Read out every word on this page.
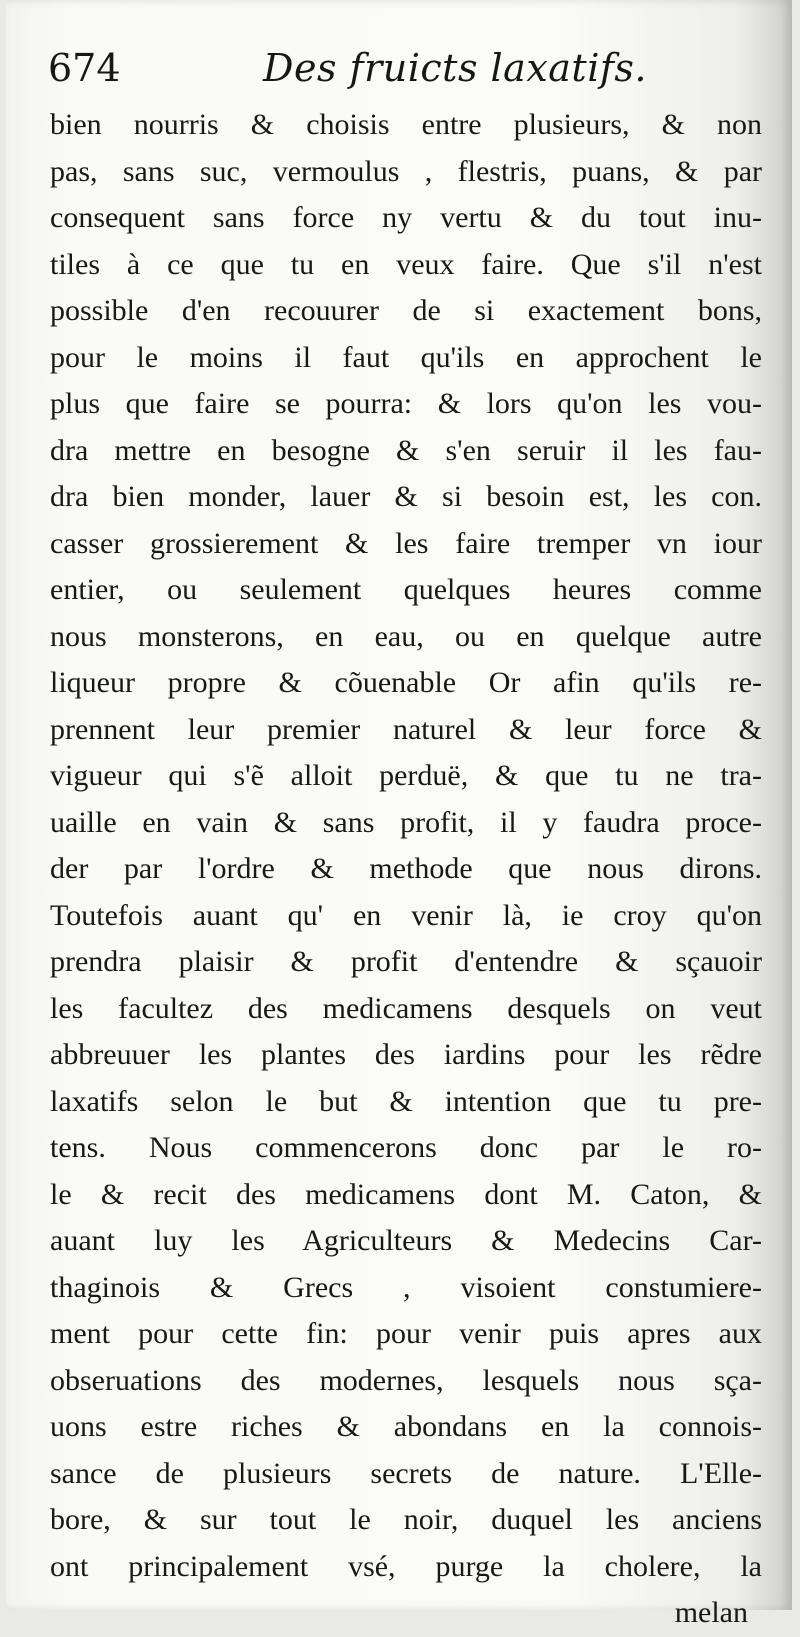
674	Des fruicts laxatifs.
bien nourris & choisis entre plusieurs, & non
pas, sans suc, vermoulus , flestris, puans, & par
consequent sans force ny vertu & du tout inu-
tiles à ce que tu en veux faire. Que s'il n'est
possible d'en recouurer de si exactement bons,
pour le moins il faut qu'ils en approchent le
plus que faire se pourra: & lors qu'on les vou-
dra mettre en besogne & s'en seruir il les fau-
dra bien monder, lauer & si besoin est, les con.
casser grossierement & les faire tremper vn iour
entier, ou seulement quelques heures comme
nous monsterons, en eau, ou en quelque autre
liqueur propre & cõuenable Or afin qu'ils re-
prennent leur premier naturel & leur force &
vigueur qui s'ẽ alloit perduë, & que tu ne tra-
uaille en vain & sans profit, il y faudra proce-
der par l'ordre & methode que nous dirons.
Toutefois auant qu' en venir là, ie croy qu'on
prendra plaisir & profit d'entendre & sçauoir
les facultez des medicamens desquels on veut
abbreuuer les plantes des iardins pour les rẽdre
laxatifs selon le but & intention que tu pre-
tens. Nous commencerons donc par le ro-
le & recit des medicamens dont M. Caton, &
auant luy les Agriculteurs & Medecins Car-
thaginois & Grecs , visoient constumiere-
ment pour cette fin: pour venir puis apres aux
obseruations des modernes, lesquels nous sça-
uons estre riches & abondans en la connois-
sance de plusieurs secrets de nature. L'Elle-
bore, & sur tout le noir, duquel les anciens
ont principalement vsé, purge la cholere, la
melan
